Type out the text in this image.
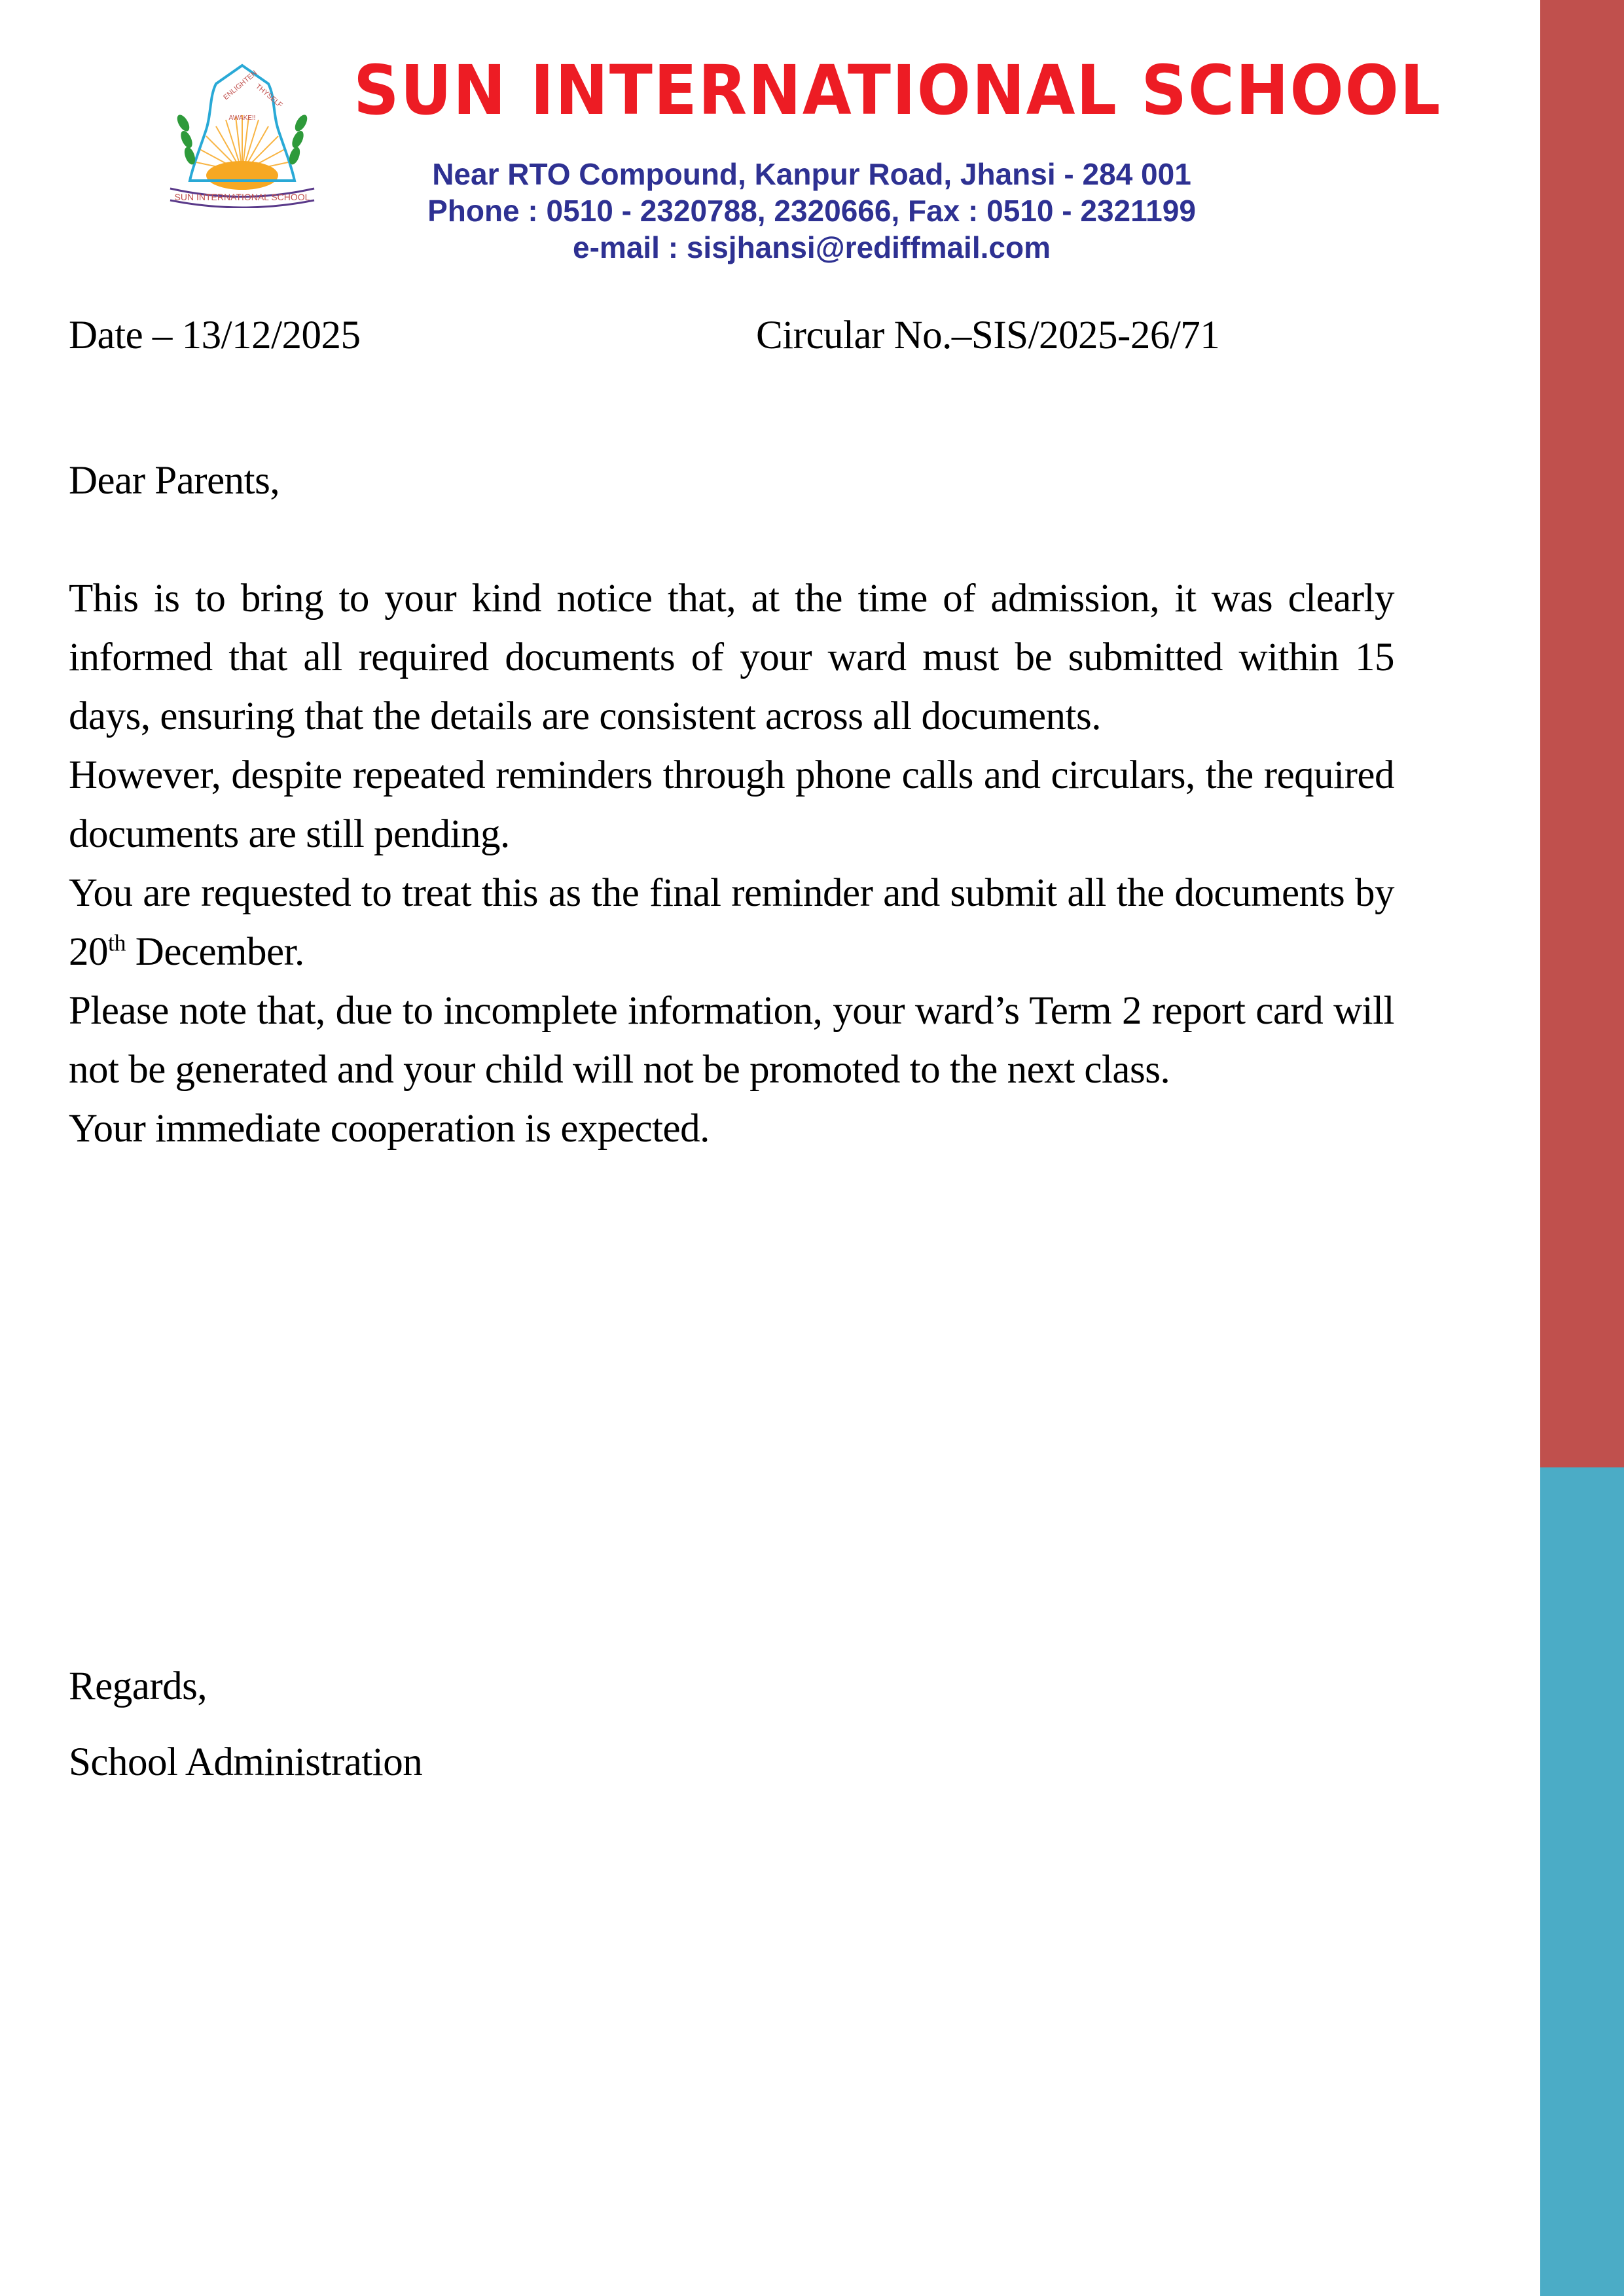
ENLIGHTEN
THYSELF
AWAKE!!
SUN INTERNATIONAL SCHOOL
SUN INTERNATIONAL SCHOOL
Near RTO Compound, Kanpur Road, Jhansi - 284 001
Phone : 0510 - 2320788, 2320666, Fax : 0510 - 2321199
e-mail : sisjhansi@rediffmail.com
Date – 13/12/2025	Circular No.–SIS/2025-26/71
Dear Parents,

This is to bring to your kind notice that, at the time of admission, it was clearly informed that all required documents of your ward must be submitted within 15 days, ensuring that the details are consistent across all documents.

However, despite repeated reminders through phone calls and circulars, the required documents are still pending.

You are requested to treat this as the final reminder and submit all the documents by 20th December.

Please note that, due to incomplete information, your ward’s Term 2 report card will not be generated and your child will not be promoted to the next class.

Your immediate cooperation is expected.

Regards,
School Administration
